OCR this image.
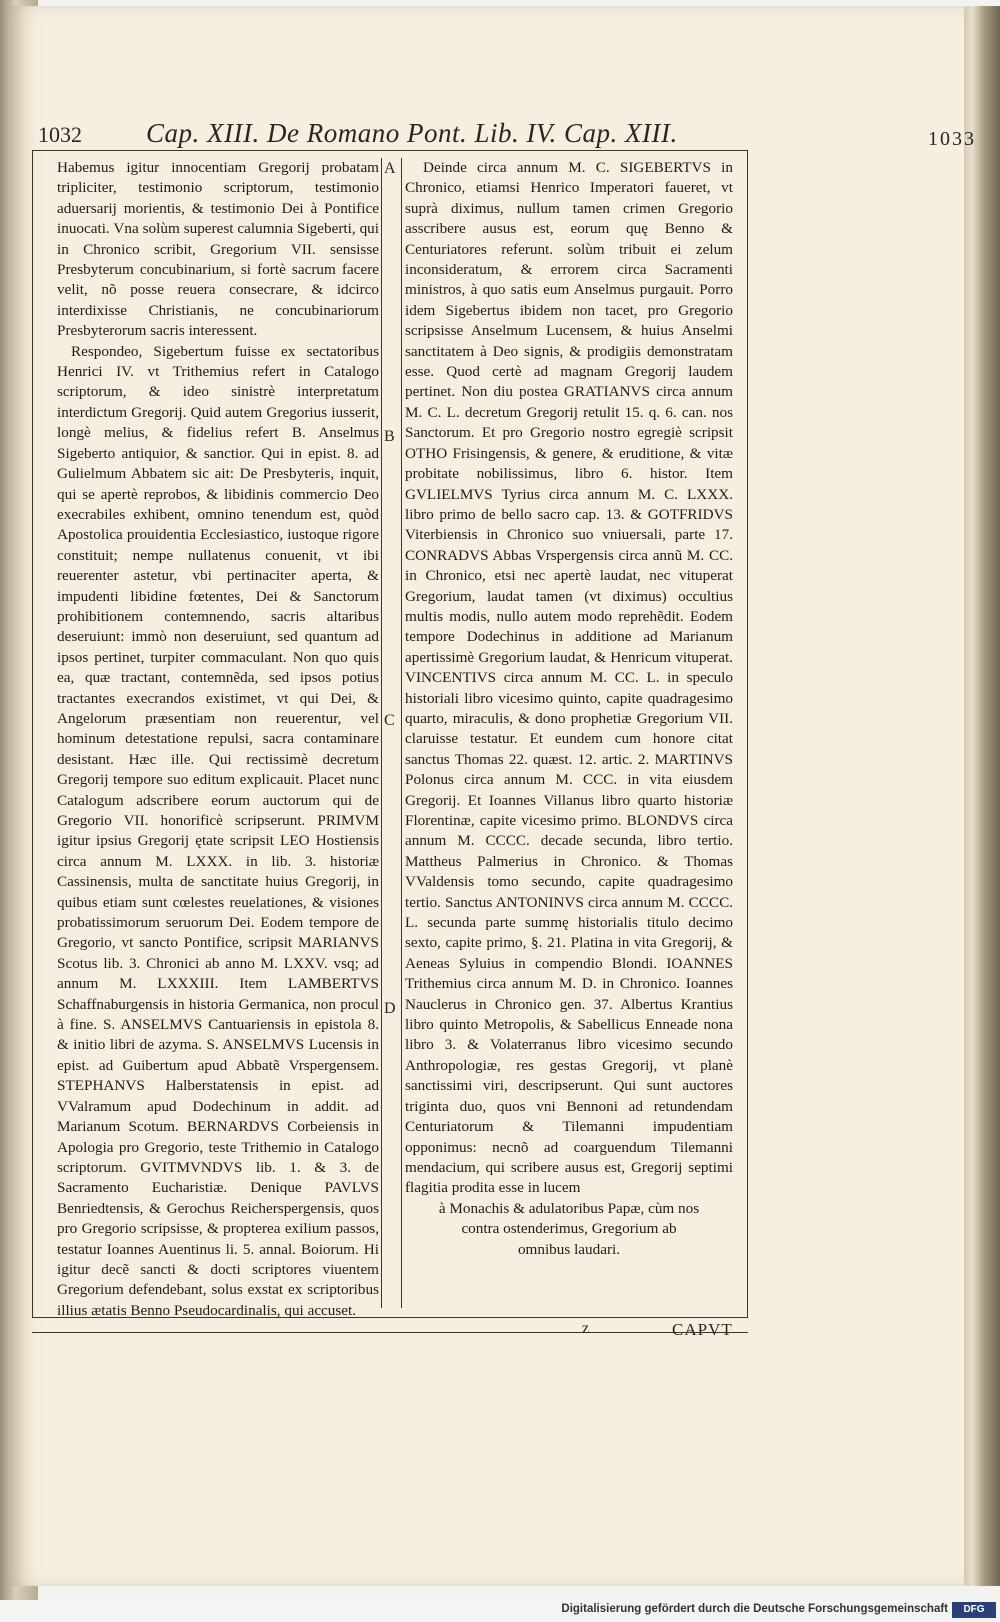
1032 Cap. XIII. De Romano Pont. Lib. IV. Cap. XIII.	1033
A
B
C
D

Habemus igitur innocentiam Gregorij probatam tripliciter, testimonio scriptorum, testimonio aduersarij morientis, & testimonio Dei à Pontifice inuocati. Vna solùm superest calumnia Sigeberti, qui in Chronico scribit, Gregorium VII. sensisse Presbyterum concubinarium, si fortè sacrum facere velit, nõ posse reuera consecrare, & idcirco interdixisse Christianis, ne concubinariorum Presbyterorum sacris interessent.

Respondeo, Sigebertum fuisse ex sectatoribus Henrici IV. vt Trithemius refert in Catalogo scriptorum, & ideo sinistrè interpretatum interdictum Gregorij. Quid autem Gregorius iusserit, longè melius, & fidelius refert B. Anselmus Sigeberto antiquior, & sanctior. Qui in epist. 8. ad Gulielmum Abbatem sic ait: De Presbyteris, inquit, qui se apertè reprobos, & libidinis commercio Deo execrabiles exhibent, omnino tenendum est, quòd Apostolica prouidentia Ecclesiastico, iustoque rigore constituit; nempe nullatenus conuenit, vt ibi reuerenter astetur, vbi pertinaciter aperta, & impudenti libidine fœtentes, Dei & Sanctorum prohibitionem contemnendo, sacris altaribus deseruiunt: immò non deseruiunt, sed quantum ad ipsos pertinet, turpiter commaculant. Non quo quis ea, quæ tractant, contemnẽda, sed ipsos potius tractantes execrandos existimet, vt qui Dei, & Angelorum præsentiam non reuerentur, vel hominum detestatione repulsi, sacra contaminare desistant. Hæc ille. Qui rectissimè decretum Gregorij tempore suo editum explicauit. Placet nunc Catalogum adscribere eorum auctorum qui de Gregorio VII. honorificè scripserunt. PRIMVM igitur ipsius Gregorij ętate scripsit LEO Hostiensis circa annum M. LXXX. in lib. 3. historiæ Cassinensis, multa de sanctitate huius Gregorij, in quibus etiam sunt cœlestes reuelationes, & visiones probatissimorum seruorum Dei. Eodem tempore de Gregorio, vt sancto Pontifice, scripsit MARIANVS Scotus lib. 3. Chronici ab anno M. LXXV. vsq; ad annum M. LXXXIII. Item LAMBERTVS Schaffnaburgensis in historia Germanica, non procul à fine. S. ANSELMVS Cantuariensis in epistola 8. & initio libri de azyma. S. ANSELMVS Lucensis in epist. ad Guibertum apud Abbatẽ Vrspergensem. STEPHANVS Halberstatensis in epist. ad VValramum apud Dodechinum in addit. ad Marianum Scotum. BERNARDVS Corbeiensis in Apologia pro Gregorio, teste Trithemio in Catalogo scriptorum. GVITMVNDVS lib. 1. & 3. de Sacramento Eucharistiæ. Denique PAVLVS Benriedtensis, & Gerochus Reicherspergensis, quos pro Gregorio scripsisse, & propterea exilium passos, testatur Ioannes Auentinus li. 5. annal. Boiorum. Hi igitur decẽ sancti & docti scriptores viuentem Gregorium defendebant, solus exstat ex scriptoribus illius ætatis Benno Pseudocardinalis, qui accuset.

Deinde circa annum M. C. SIGEBERTVS in Chronico, etiamsi Henrico Imperatori faueret, vt suprà diximus, nullum tamen crimen Gregorio asscribere ausus est, eorum quę Benno & Centuriatores referunt. solùm tribuit ei zelum inconsideratum, & errorem circa Sacramenti ministros, à quo satis eum Anselmus purgauit. Porro idem Sigebertus ibidem non tacet, pro Gregorio scripsisse Anselmum Lucensem, & huius Anselmi sanctitatem à Deo signis, & prodigiis demonstratam esse. Quod certè ad magnam Gregorij laudem pertinet. Non diu postea GRATIANVS circa annum M. C. L. decretum Gregorij retulit 15. q. 6. can. nos Sanctorum. Et pro Gregorio nostro egregiè scripsit OTHO Frisingensis, & genere, & eruditione, & vitæ probitate nobilissimus, libro 6. histor. Item GVLIELMVS Tyrius circa annum M. C. LXXX. libro primo de bello sacro cap. 13. & GOTFRIDVS Viterbiensis in Chronico suo vniuersali, parte 17. CONRADVS Abbas Vrspergensis circa annũ M. CC. in Chronico, etsi nec apertè laudat, nec vituperat Gregorium, laudat tamen (vt diximus) occultius multis modis, nullo autem modo reprehẽdit. Eodem tempore Dodechinus in additione ad Marianum apertissimè Gregorium laudat, & Henricum vituperat. VINCENTIVS circa annum M. CC. L. in speculo historiali libro vicesimo quinto, capite quadragesimo quarto, miraculis, & dono prophetiæ Gregorium VII. claruisse testatur. Et eundem cum honore citat sanctus Thomas 22. quæst. 12. artic. 2. MARTINVS Polonus circa annum M. CCC. in vita eiusdem Gregorij. Et Ioannes Villanus libro quarto historiæ Florentinæ, capite vicesimo primo. BLONDVS circa annum M. CCCC. decade secunda, libro tertio. Mattheus Palmerius in Chronico. & Thomas VValdensis tomo secundo, capite quadragesimo tertio. Sanctus ANTONINVS circa annum M. CCCC. L. secunda parte summę historialis titulo decimo sexto, capite primo, §. 21. Platina in vita Gregorij, & Aeneas Syluius in compendio Blondi. IOANNES Trithemius circa annum M. D. in Chronico. Ioannes Nauclerus in Chronico gen. 37. Albertus Krantius libro quinto Metropolis, & Sabellicus Enneade nona libro 3. & Volaterranus libro vicesimo secundo Anthropologiæ, res gestas Gregorij, vt planè sanctissimi viri, descripserunt. Qui sunt auctores triginta duo, quos vni Bennoni ad retundendam Centuriatorum & Tilemanni impudentiam opponimus: necnõ ad coarguendum Tilemanni mendacium, qui scribere ausus est, Gregorij septimi flagitia prodita esse in lucem

à Monachis & adulatoribus Papæ, cùm nos contra ostenderimus, Gregorium ab omnibus laudari.

z	CAPVT
Digitalisierung gefördert durch die Deutsche Forschungsgemeinschaft	DFG
